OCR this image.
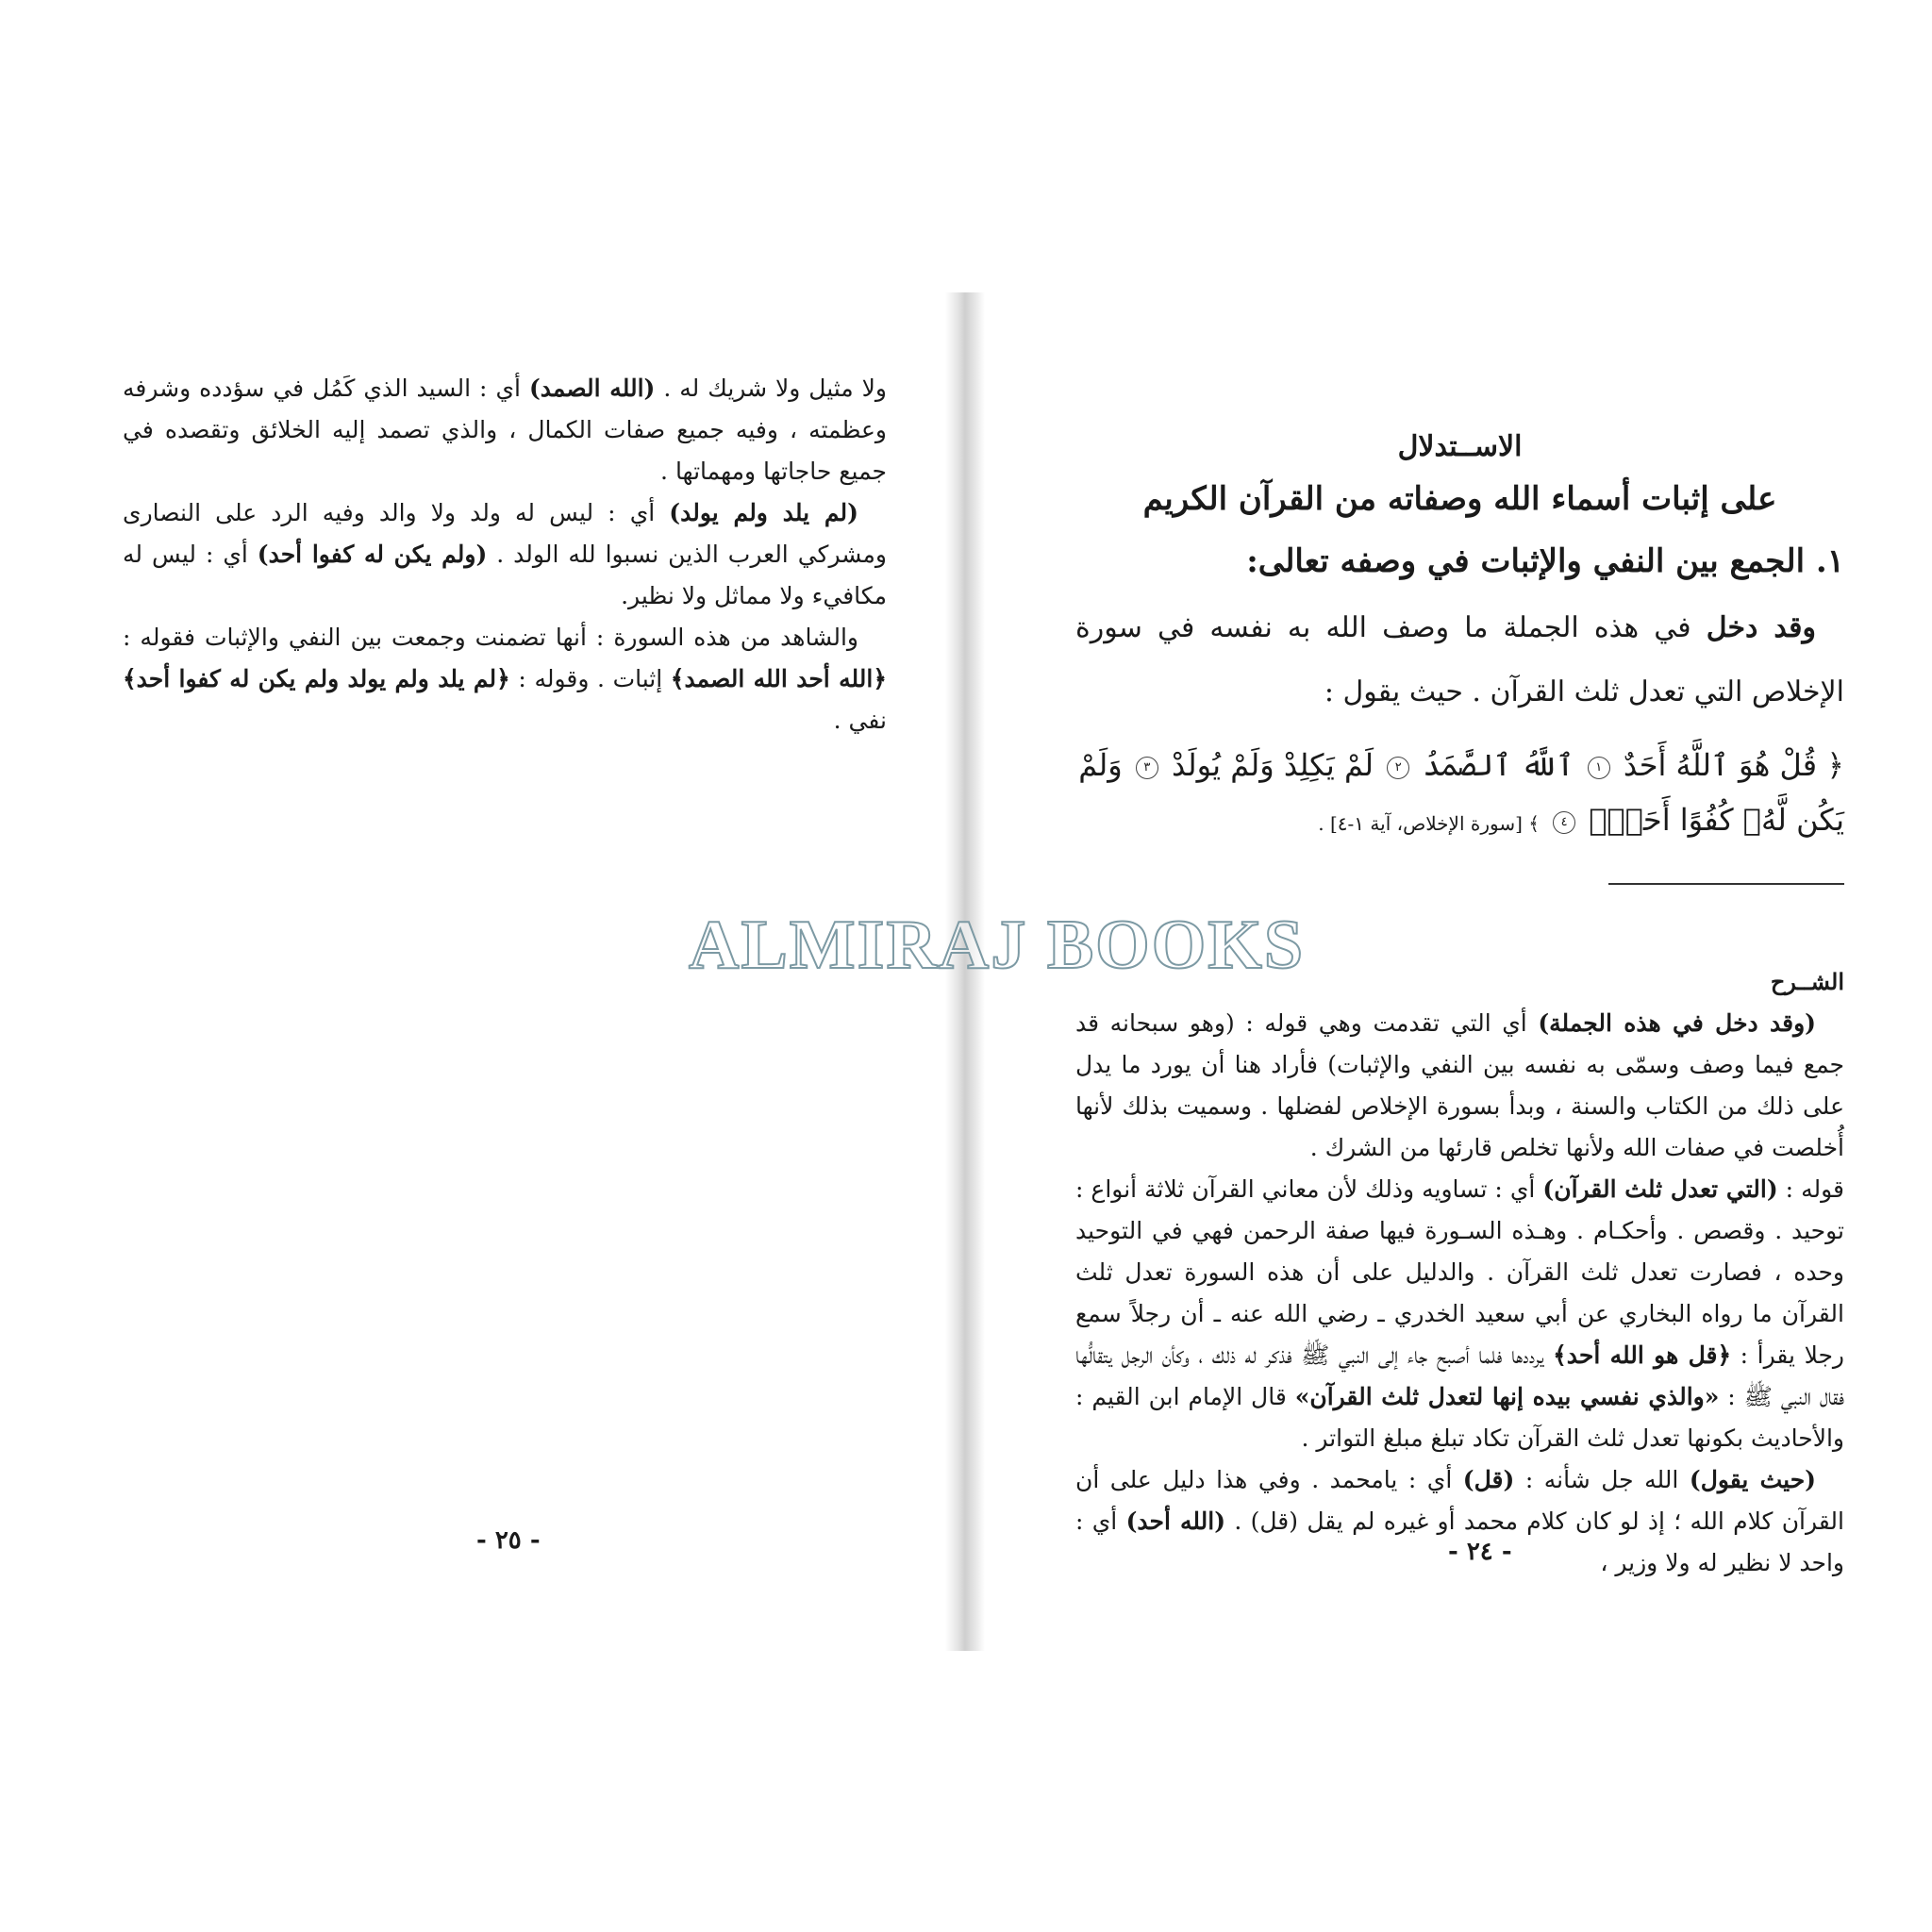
ولا مثيل ولا شريك له . (الله الصمد) أي : السيد الذي كَمُل في سؤدده وشرفه وعظمته ، وفيه جميع صفات الكمال ، والذي تصمد إليه الخلائق وتقصده في جميع حاجاتها ومهماتها .

(لم يلد ولم يولد) أي : ليس له ولد ولا والد وفيه الرد على النصارى ومشركي العرب الذين نسبوا لله الولد . (ولم يكن له كفوا أحد) أي : ليس له مكافيء ولا مماثل ولا نظير.

والشاهد من هذه السورة : أنها تضمنت وجمعت بين النفي والإثبات فقوله : ﴿الله أحد الله الصمد﴾ إثبات . وقوله : ﴿لم يلد ولم يولد ولم يكن له كفوا أحد﴾ نفي .

- ٢٥ -
الاســتدلال
على إثبات أسماء الله وصفاته من القرآن الكريم
١. الجمع بين النفي والإثبات في وصفه تعالى:

وقد دخل في هذه الجملة ما وصف الله به نفسه في سورة الإخلاص التي تعدل ثلث القرآن . حيث يقول :

﴿ قُلْ هُوَ ٱللَّهُ أَحَدٌ ١ ٱللَّهُ ٱلصَّمَدُ ٢ لَمْ يَكِلِدْ وَلَمْ يُولَدْ ٣ وَلَمْ يَكُن لَّهُۥ كُفُوًا أَحَدٌۢ ٤ ﴾ [سورة الإخلاص، آية ١-٤] .

الشــرح

(وقد دخل في هذه الجملة) أي التي تقدمت وهي قوله : (وهو سبحانه قد جمع فيما وصف وسمّى به نفسه بين النفي والإثبات) فأراد هنا أن يورد ما يدل على ذلك من الكتاب والسنة ، وبدأ بسورة الإخلاص لفضلها . وسميت بذلك لأنها أُخلصت في صفات الله ولأنها تخلص قارئها من الشرك .

قوله : (التي تعدل ثلث القرآن) أي : تساويه وذلك لأن معاني القرآن ثلاثة أنواع : توحيد . وقصص . وأحكـام . وهـذه السـورة فيها صفة الرحمن فهي في التوحيد وحده ، فصارت تعدل ثلث القرآن . والدليل على أن هذه السورة تعدل ثلث القرآن ما رواه البخاري عن أبي سعيد الخدري ـ رضي الله عنه ـ أن رجلاً سمع رجلا يقرأ : ﴿قل هو الله أحد﴾ يرددها فلما أصبح جاء إلى النبي ﷺ فذكر له ذلك ، وكأن الرجل يتقالُّها فقال النبي ﷺ : «والذي نفسي بيده إنها لتعدل ثلث القرآن» قال الإمام ابن القيم : والأحاديث بكونها تعدل ثلث القرآن تكاد تبلغ مبلغ التواتر .

(حيث يقول) الله جل شأنه : (قل) أي : يامحمد . وفي هذا دليل على أن القرآن كلام الله ؛ إذ لو كان كلام محمد أو غيره لم يقل (قل) . (الله أحد) أي : واحد لا نظير له ولا وزير ،

- ٢٤ -
ALMIRAJ BOOKS
